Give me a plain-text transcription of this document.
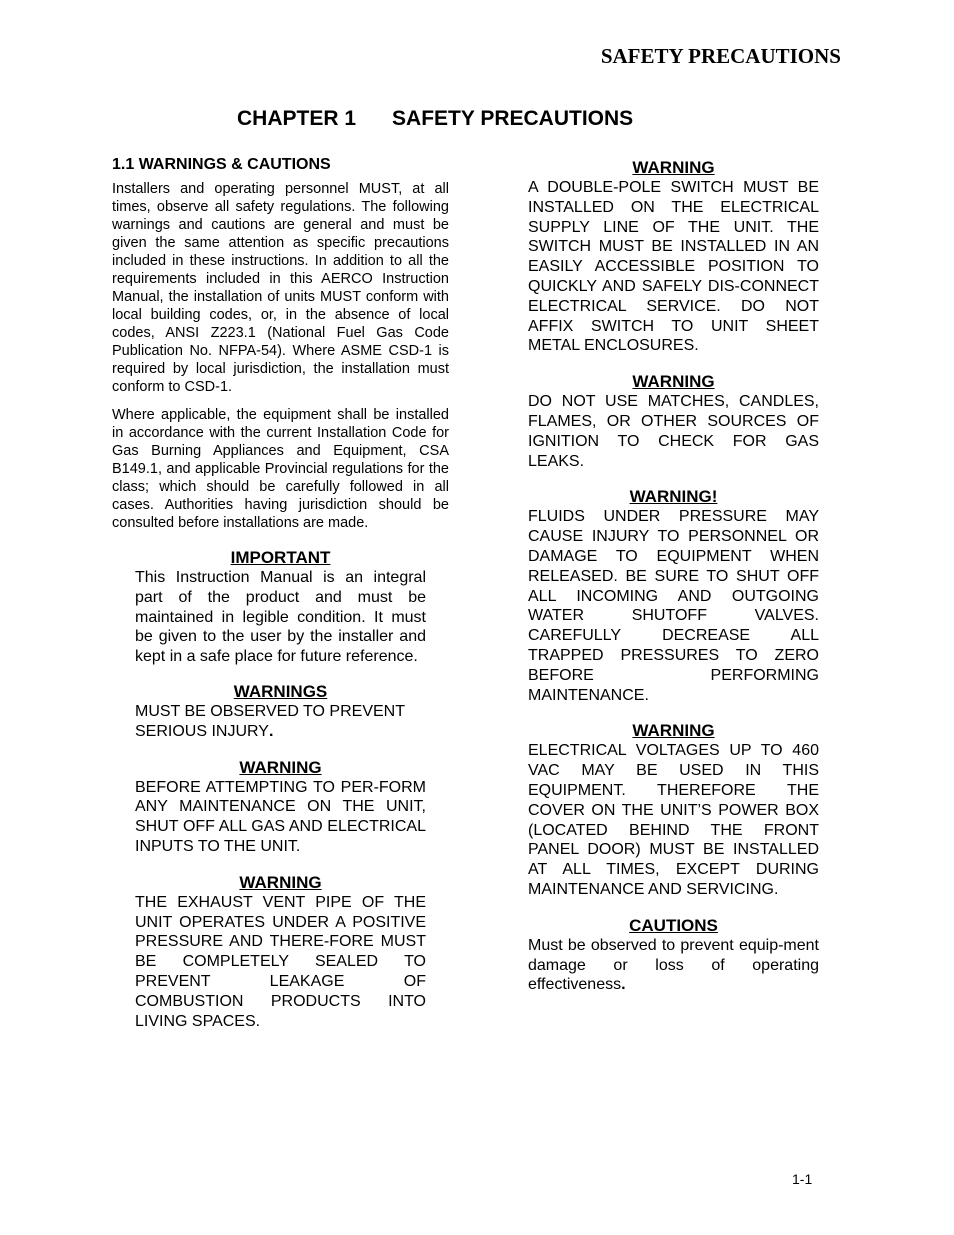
SAFETY PRECAUTIONS
CHAPTER 1 SAFETY PRECAUTIONS
1.1 WARNINGS & CAUTIONS

Installers and operating personnel MUST, at all times, observe all safety regulations. The following warnings and cautions are general and must be given the same attention as specific precautions included in these instructions. In addition to all the requirements included in this AERCO Instruction Manual, the installation of units MUST conform with local building codes, or, in the absence of local codes, ANSI Z223.1 (National Fuel Gas Code Publication No. NFPA-54). Where ASME CSD-1 is required by local jurisdiction, the installation must conform to CSD-1.

Where applicable, the equipment shall be installed in accordance with the current Installation Code for Gas Burning Appliances and Equipment, CSA B149.1, and applicable Provincial regulations for the class; which should be carefully followed in all cases. Authorities having jurisdiction should be consulted before installations are made.

IMPORTANT

This Instruction Manual is an integral part of the product and must be maintained in legible condition. It must be given to the user by the installer and kept in a safe place for future reference.

WARNINGS

MUST BE OBSERVED TO PREVENT SERIOUS INJURY.

WARNING

BEFORE ATTEMPTING TO PER-FORM ANY MAINTENANCE ON THE UNIT, SHUT OFF ALL GAS AND ELECTRICAL INPUTS TO THE UNIT.

WARNING

THE EXHAUST VENT PIPE OF THE UNIT OPERATES UNDER A POSITIVE PRESSURE AND THERE-FORE MUST BE COMPLETELY SEALED TO PREVENT LEAKAGE OF COMBUSTION PRODUCTS INTO LIVING SPACES.

WARNING

A DOUBLE-POLE SWITCH MUST BE INSTALLED ON THE ELECTRICAL SUPPLY LINE OF THE UNIT. THE SWITCH MUST BE INSTALLED IN AN EASILY ACCESSIBLE POSITION TO QUICKLY AND SAFELY DIS-CONNECT ELECTRICAL SERVICE. DO NOT AFFIX SWITCH TO UNIT SHEET METAL ENCLOSURES.

WARNING

DO NOT USE MATCHES, CANDLES, FLAMES, OR OTHER SOURCES OF IGNITION TO CHECK FOR GAS LEAKS.

WARNING!

FLUIDS UNDER PRESSURE MAY CAUSE INJURY TO PERSONNEL OR DAMAGE TO EQUIPMENT WHEN RELEASED. BE SURE TO SHUT OFF ALL INCOMING AND OUTGOING WATER SHUTOFF VALVES. CAREFULLY DECREASE ALL TRAPPED PRESSURES TO ZERO BEFORE PERFORMING MAINTENANCE.

WARNING

ELECTRICAL VOLTAGES UP TO 460 VAC MAY BE USED IN THIS EQUIPMENT. THEREFORE THE COVER ON THE UNIT’S POWER BOX (LOCATED BEHIND THE FRONT PANEL DOOR) MUST BE INSTALLED AT ALL TIMES, EXCEPT DURING MAINTENANCE AND SERVICING.

CAUTIONS

Must be observed to prevent equip-ment damage or loss of operating effectiveness.

1-1
